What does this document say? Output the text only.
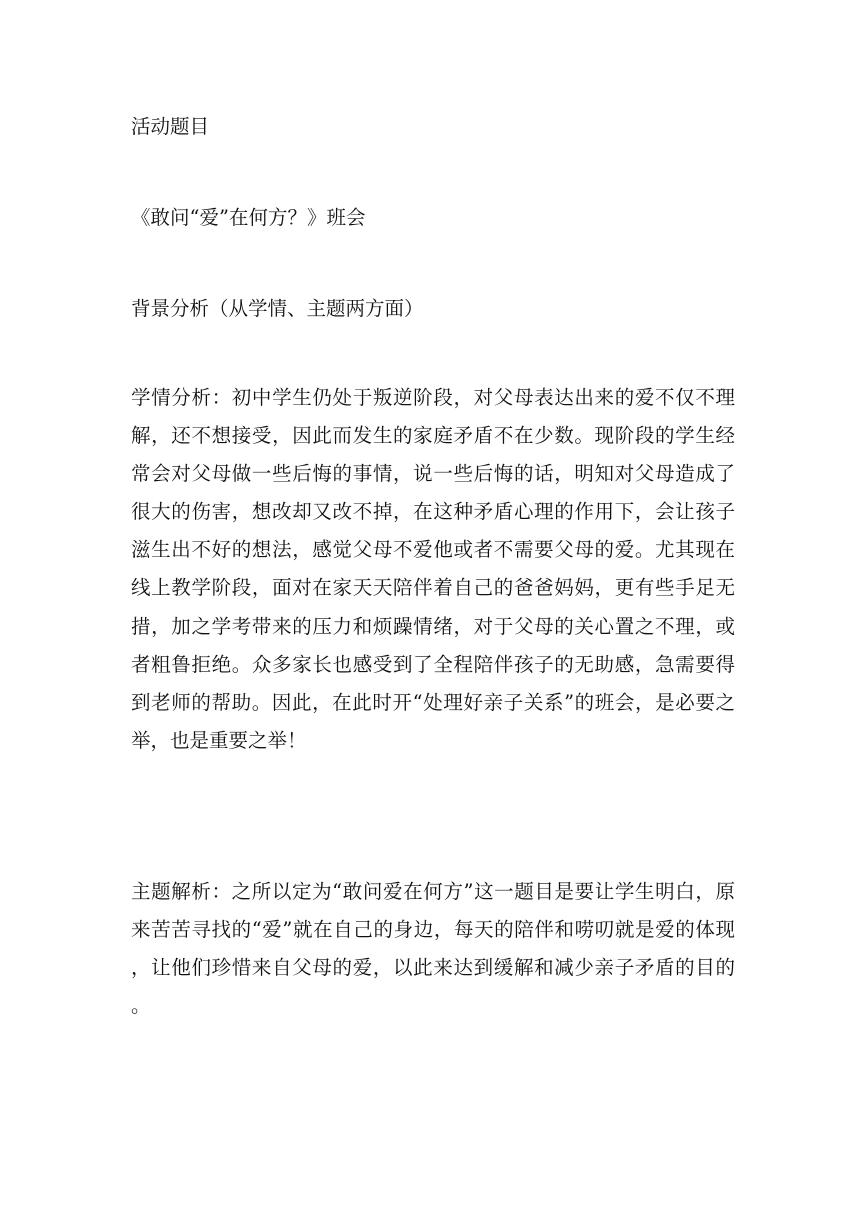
活动题目
《敢问“爱”在何方？》班会
背景分析（从学情、主题两方面）
学情分析：初中学生仍处于叛逆阶段，对父母表达出来的爱不仅不理解，还不想接受，因此而发生的家庭矛盾不在少数。现阶段的学生经常会对父母做一些后悔的事情，说一些后悔的话，明知对父母造成了很大的伤害，想改却又改不掉，在这种矛盾心理的作用下，会让孩子滋生出不好的想法，感觉父母不爱他或者不需要父母的爱。尤其现在线上教学阶段，面对在家天天陪伴着自己的爸爸妈妈，更有些手足无措，加之学考带来的压力和烦躁情绪，对于父母的关心置之不理，或者粗鲁拒绝。众多家长也感受到了全程陪伴孩子的无助感，急需要得到老师的帮助。因此，在此时开“处理好亲子关系”的班会，是必要之举，也是重要之举！
主题解析：之所以定为“敢问爱在何方”这一题目是要让学生明白，原来苦苦寻找的“爱”就在自己的身边，每天的陪伴和唠叨就是爱的体现，让他们珍惜来自父母的爱，以此来达到缓解和减少亲子矛盾的目的。
